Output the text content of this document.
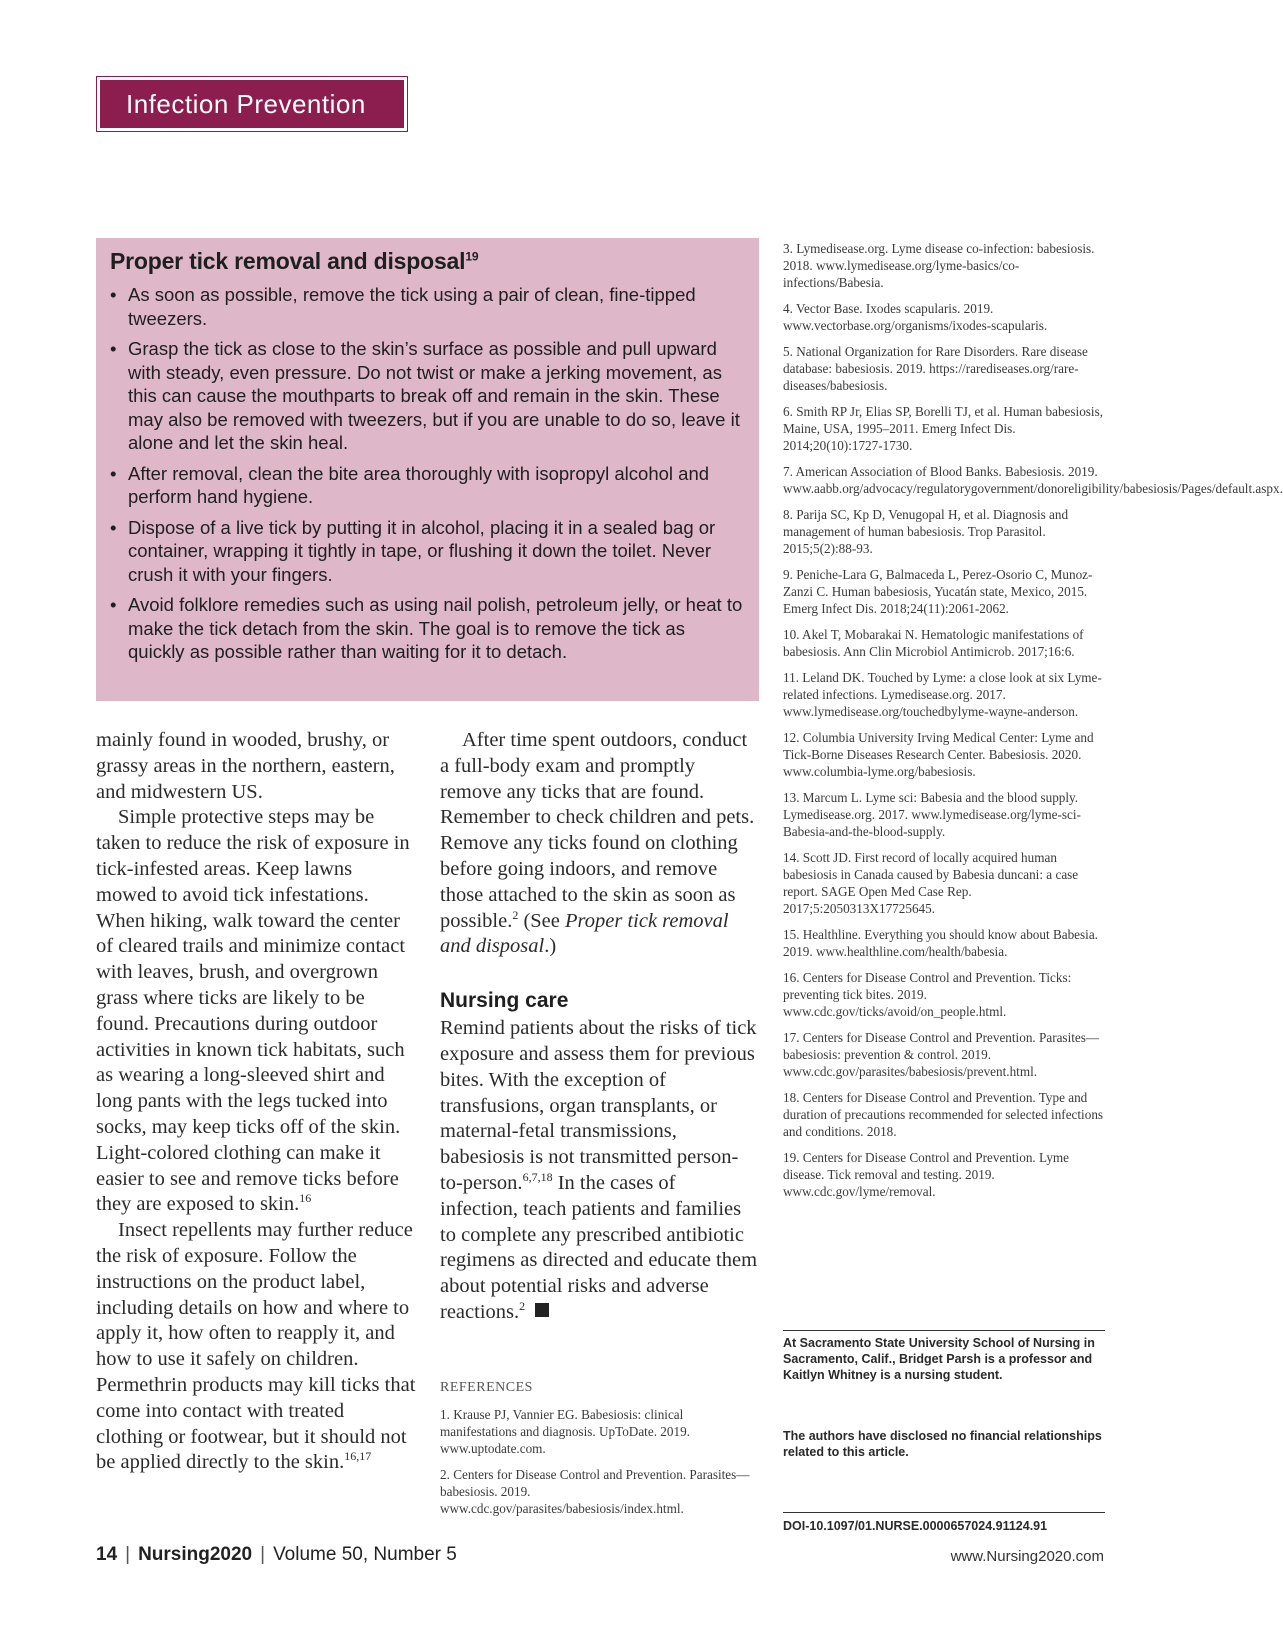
Infection Prevention
Proper tick removal and disposal$^{19}$
• As soon as possible, remove the tick using a pair of clean, fine-tipped tweezers.
• Grasp the tick as close to the skin’s surface as possible and pull upward with steady, even pressure. Do not twist or make a jerking movement, as this can cause the mouthparts to break off and remain in the skin. These may also be removed with tweezers, but if you are unable to do so, leave it alone and let the skin heal.
• After removal, clean the bite area thoroughly with isopropyl alcohol and perform hand hygiene.
• Dispose of a live tick by putting it in alcohol, placing it in a sealed bag or container, wrapping it tightly in tape, or flushing it down the toilet. Never crush it with your fingers.
• Avoid folklore remedies such as using nail polish, petroleum jelly, or heat to make the tick detach from the skin. The goal is to remove the tick as quickly as possible rather than waiting for it to detach.

mainly found in wooded, brushy, or grassy areas in the northern, eastern, and midwestern US.

Simple protective steps may be taken to reduce the risk of exposure in tick-infested areas. Keep lawns mowed to avoid tick infestations. When hiking, walk toward the center of cleared trails and minimize contact with leaves, brush, and overgrown grass where ticks are likely to be found. Precautions during outdoor activities in known tick habitats, such as wearing a long-sleeved shirt and long pants with the legs tucked into socks, may keep ticks off of the skin. Light-colored clothing can make it easier to see and remove ticks before they are exposed to skin.$^{16}$

Insect repellents may further reduce the risk of exposure. Follow the instructions on the product label, including details on how and where to apply it, how often to reapply it, and how to use it safely on children. Permethrin products may kill ticks that come into contact with treated clothing or footwear, but it should not be applied directly to the skin.$^{16,17}$

After time spent outdoors, conduct a full-body exam and promptly remove any ticks that are found. Remember to check children and pets. Remove any ticks found on clothing before going indoors, and remove those attached to the skin as soon as possible.$^2$ (See Proper tick removal and disposal.)

Nursing care

Remind patients about the risks of tick exposure and assess them for previous bites. With the exception of transfusions, organ transplants, or maternal-fetal transmissions, babesiosis is not transmitted person-to-person.$^{6,7,18}$ In the cases of infection, teach patients and families to complete any prescribed antibiotic regimens as directed and educate them about potential risks and adverse reactions.$^2$

REFERENCES

1. Krause PJ, Vannier EG. Babesiosis: clinical manifestations and diagnosis. UpToDate. 2019. www.uptodate.com.

2. Centers for Disease Control and Prevention. Parasites—babesiosis. 2019. www.cdc.gov/parasites/babesiosis/index.html.

3. Lymedisease.org. Lyme disease co-infection: babesiosis. 2018. www.lymedisease.org/lyme-basics/co-infections/Babesia.

4. Vector Base. Ixodes scapularis. 2019. www.vectorbase.org/organisms/ixodes-scapularis.

5. National Organization for Rare Disorders. Rare disease database: babesiosis. 2019. https://rarediseases.org/rare-diseases/babesiosis.

6. Smith RP Jr, Elias SP, Borelli TJ, et al. Human babesiosis, Maine, USA, 1995–2011. Emerg Infect Dis. 2014;20(10):1727-1730.

7. American Association of Blood Banks. Babesiosis. 2019. www.aabb.org/advocacy/regulatorygovernment/donoreligibility/babesiosis/Pages/default.aspx.

8. Parija SC, Kp D, Venugopal H, et al. Diagnosis and management of human babesiosis. Trop Parasitol. 2015;5(2):88-93.

9. Peniche-Lara G, Balmaceda L, Perez-Osorio C, Munoz-Zanzi C. Human babesiosis, Yucatán state, Mexico, 2015. Emerg Infect Dis. 2018;24(11):2061-2062.

10. Akel T, Mobarakai N. Hematologic manifestations of babesiosis. Ann Clin Microbiol Antimicrob. 2017;16:6.

11. Leland DK. Touched by Lyme: a close look at six Lyme-related infections. Lymedisease.org. 2017. www.lymedisease.org/touchedbylyme-wayne-anderson.

12. Columbia University Irving Medical Center: Lyme and Tick-Borne Diseases Research Center. Babesiosis. 2020. www.columbia-lyme.org/babesiosis.

13. Marcum L. Lyme sci: Babesia and the blood supply. Lymedisease.org. 2017. www.lymedisease.org/lyme-sci-Babesia-and-the-blood-supply.

14. Scott JD. First record of locally acquired human babesiosis in Canada caused by Babesia duncani: a case report. SAGE Open Med Case Rep. 2017;5:2050313X17725645.

15. Healthline. Everything you should know about Babesia. 2019. www.healthline.com/health/babesia.

16. Centers for Disease Control and Prevention. Ticks: preventing tick bites. 2019. www.cdc.gov/ticks/avoid/on_people.html.

17. Centers for Disease Control and Prevention. Parasites—babesiosis: prevention & control. 2019. www.cdc.gov/parasites/babesiosis/prevent.html.

18. Centers for Disease Control and Prevention. Type and duration of precautions recommended for selected infections and conditions. 2018.

19. Centers for Disease Control and Prevention. Lyme disease. Tick removal and testing. 2019. www.cdc.gov/lyme/removal.

At Sacramento State University School of Nursing in Sacramento, Calif., Bridget Parsh is a professor and Kaitlyn Whitney is a nursing student.
The authors have disclosed no financial relationships related to this article.
DOI-10.1097/01.NURSE.0000657024.91124.91
14 | Nursing2020 | Volume 50, Number 5	www.Nursing2020.com
